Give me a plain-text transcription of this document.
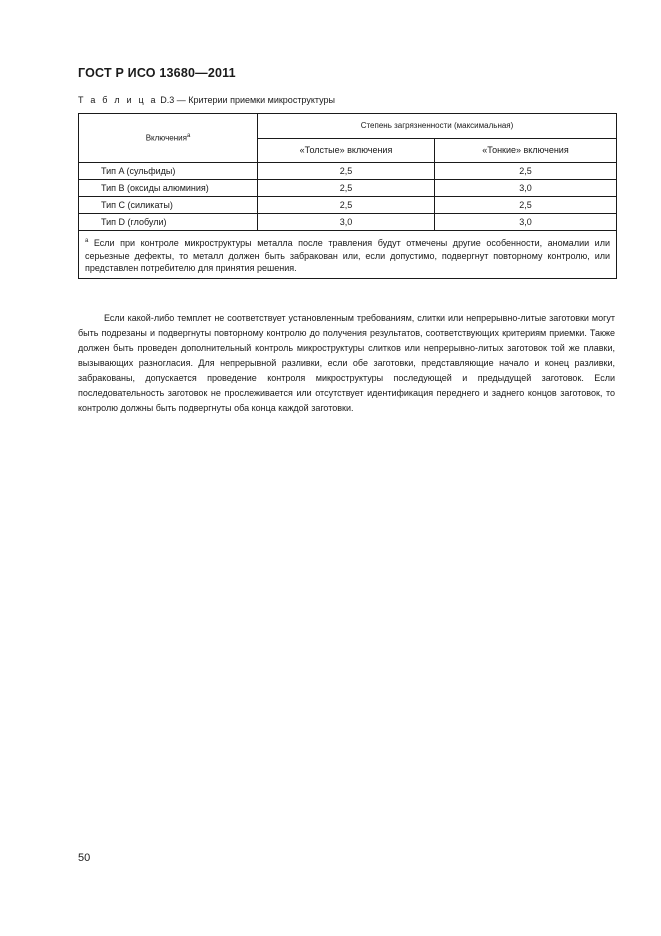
ГОСТ Р ИСО 13680—2011
Т а б л и ц а D.3 — Критерии приемки микроструктуры
Включения$^a$	Степень загрязненности (максимальная)	
	«Толстые» включения	«Тонкие» включения
Тип A (сульфиды)	2,5	2,5
Тип B (оксиды алюминия)	2,5	3,0
Тип C (силикаты)	2,5	2,5
Тип D (глобули)	3,0	3,0
$^a$ Если при контроле микроструктуры металла после травления будут отмечены другие особенности, аномалии или серьезные дефекты, то металл должен быть забракован или, если допустимо, подвергнут повторному контролю, или представлен потребителю для принятия решения.		

Если какой-либо темплет не соответствует установленным требованиям, слитки или непрерывно-литые заготовки могут быть подрезаны и подвергнуты повторному контролю до получения результатов, соответствующих критериям приемки. Также должен быть проведен дополнительный контроль микроструктуры слитков или непрерывно-литых заготовок той же плавки, вызывающих разногласия. Для непрерывной разливки, если обе заготовки, представляющие начало и конец разливки, забракованы, допускается проведение контроля микроструктуры последующей и предыдущей заготовок. Если последовательность заготовок не прослеживается или отсутствует идентификация переднего и заднего концов заготовок, то контролю должны быть подвергнуты оба конца каждой заготовки.

50
